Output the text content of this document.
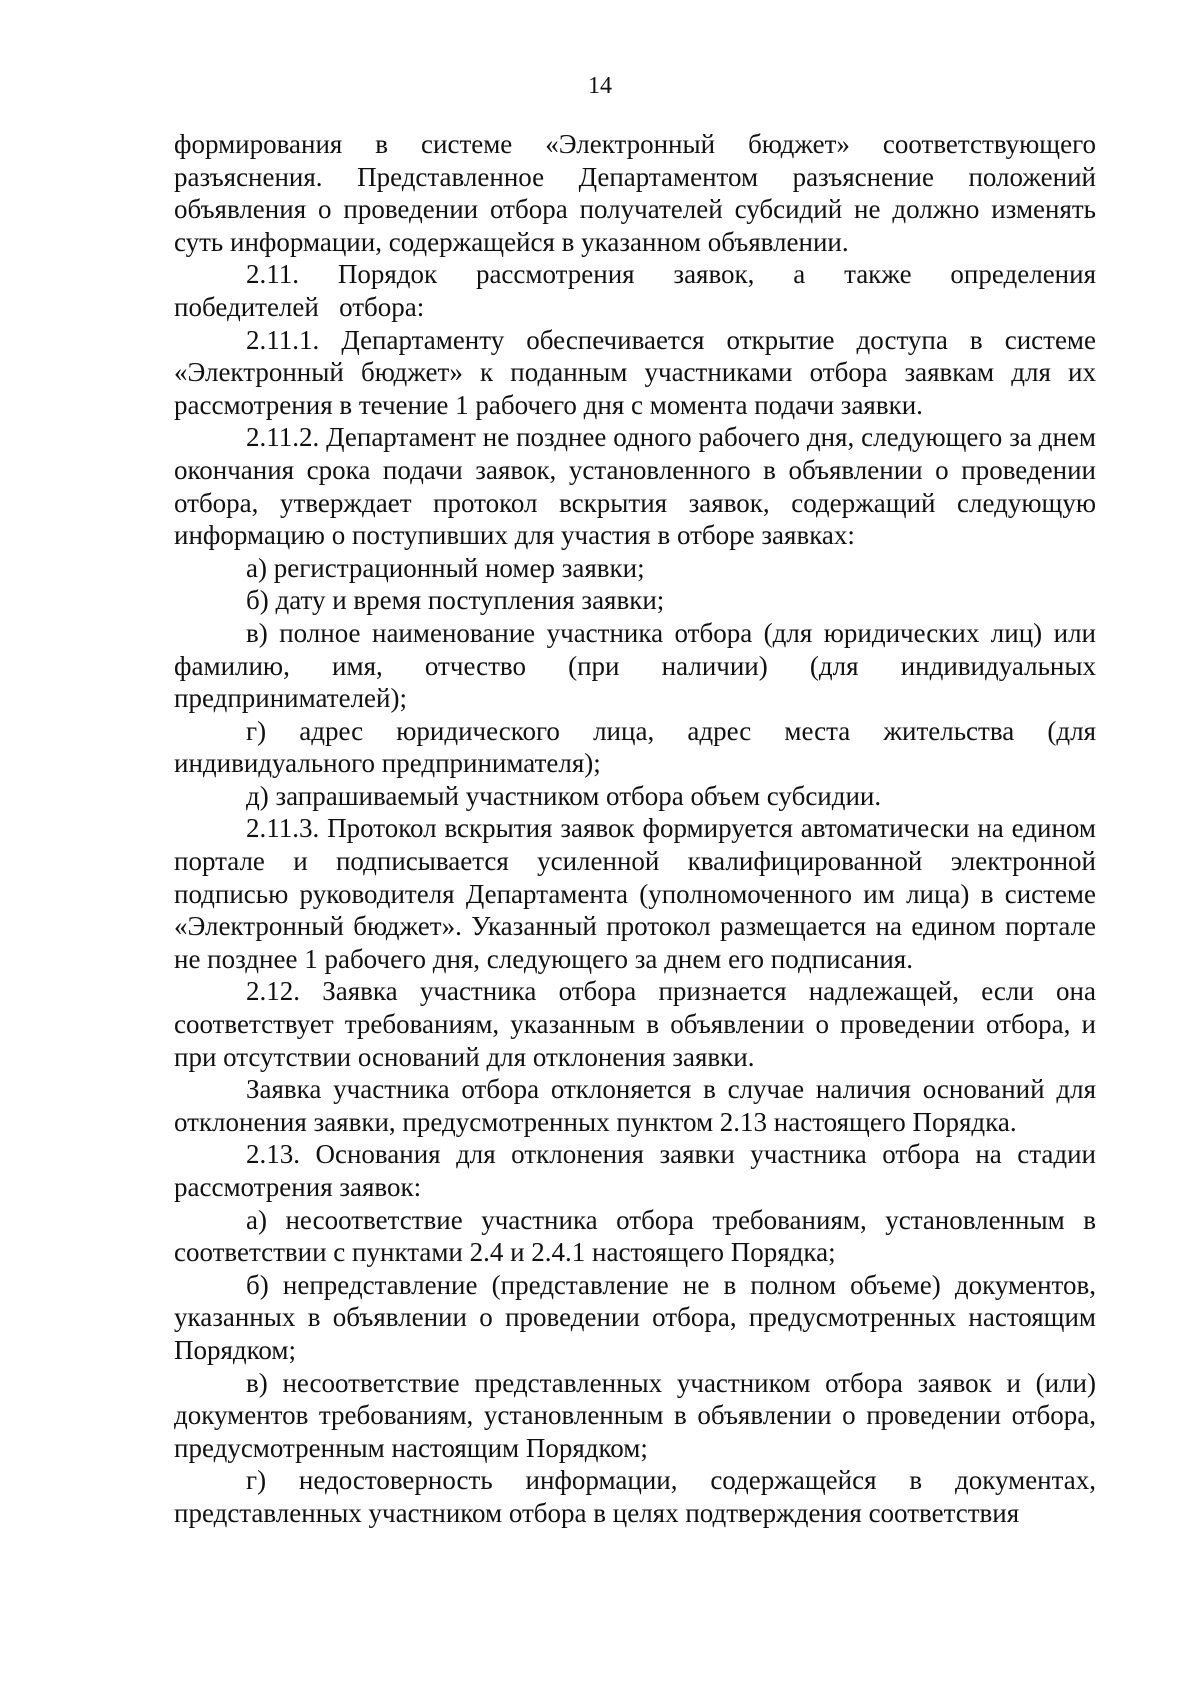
14

формирования в системе «Электронный бюджет» соответствующего разъяснения. Представленное Департаментом разъяснение положений объявления о проведении отбора получателей субсидий не должно изменять суть информации, содержащейся в указанном объявлении.

2.11. Порядок рассмотрения заявок, а также определения победителей отбора:

2.11.1. Департаменту обеспечивается открытие доступа в системе «Электронный бюджет» к поданным участниками отбора заявкам для их рассмотрения в течение 1 рабочего дня с момента подачи заявки.

2.11.2. Департамент не позднее одного рабочего дня, следующего за днем окончания срока подачи заявок, установленного в объявлении о проведении отбора, утверждает протокол вскрытия заявок, содержащий следующую информацию о поступивших для участия в отборе заявках:

а) регистрационный номер заявки;

б) дату и время поступления заявки;

в) полное наименование участника отбора (для юридических лиц) или фамилию, имя, отчество (при наличии) (для индивидуальных предпринимателей);

г) адрес юридического лица, адрес места жительства (для индивидуального предпринимателя);

д) запрашиваемый участником отбора объем субсидии.

2.11.3. Протокол вскрытия заявок формируется автоматически на едином портале и подписывается усиленной квалифицированной электронной подписью руководителя Департамента (уполномоченного им лица) в системе «Электронный бюджет». Указанный протокол размещается на едином портале не позднее 1 рабочего дня, следующего за днем его подписания.

2.12. Заявка участника отбора признается надлежащей, если она соответствует требованиям, указанным в объявлении о проведении отбора, и при отсутствии оснований для отклонения заявки.

Заявка участника отбора отклоняется в случае наличия оснований для отклонения заявки, предусмотренных пунктом 2.13 настоящего Порядка.

2.13. Основания для отклонения заявки участника отбора на стадии рассмотрения заявок:

а) несоответствие участника отбора требованиям, установленным в соответствии с пунктами 2.4 и 2.4.1 настоящего Порядка;

б) непредставление (представление не в полном объеме) документов, указанных в объявлении о проведении отбора, предусмотренных настоящим Порядком;

в) несоответствие представленных участником отбора заявок и (или) документов требованиям, установленным в объявлении о проведении отбора, предусмотренным настоящим Порядком;

г) недостоверность информации, содержащейся в документах, представленных участником отбора в целях подтверждения соответствия
